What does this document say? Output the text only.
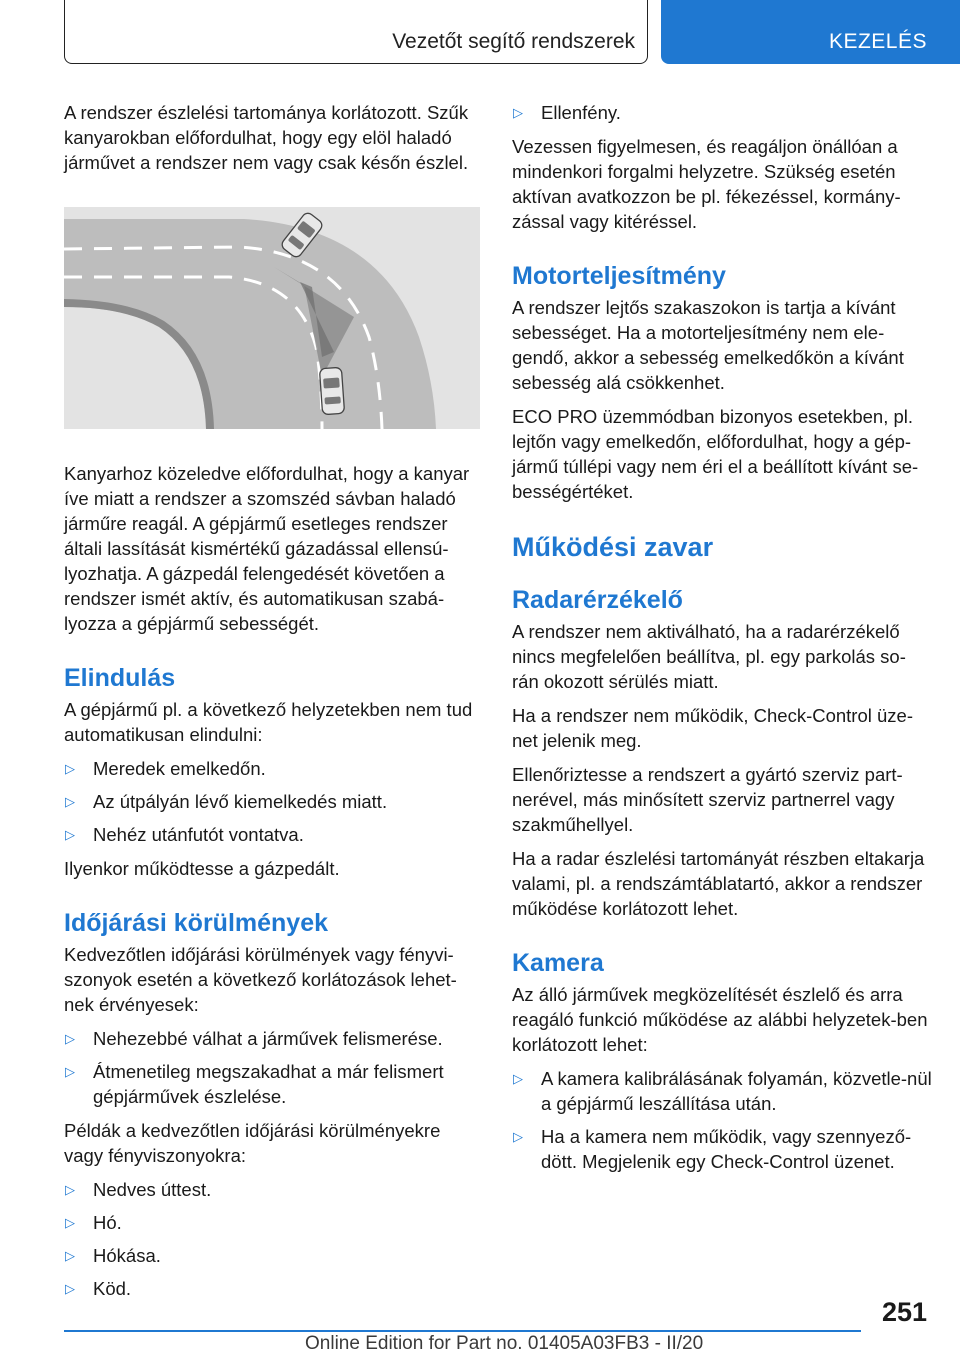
Vezetőt segítő rendszerek	KEZELÉS

A rendszer észlelési tartománya korlátozott. Szűk kanyarokban előfordulhat, hogy egy elöl haladó járművet a rendszer nem vagy csak későn észlel.

Kanyarhoz közeledve előfordulhat, hogy a kanyar íve miatt a rendszer a szomszéd sávban haladó járműre reagál. A gépjármű esetleges rendszer általi lassítását kismértékű gázadással ellensú-lyozhatja. A gázpedál felengedését követően a rendszer ismét aktív, és automatikusan szabá-lyozza a gépjármű sebességét.

Elindulás

A gépjármű pl. a következő helyzetekben nem tud automatikusan elindulni:

▷ Meredek emelkedőn.
▷ Az útpályán lévő kiemelkedés miatt.
▷ Nehéz utánfutót vontatva.

Ilyenkor működtesse a gázpedált.

Időjárási körülmények

Kedvezőtlen időjárási körülmények vagy fényvi-szonyok esetén a következő korlátozások lehet-nek érvényesek:

▷ Nehezebbé válhat a járművek felismerése.
▷ Átmenetileg megszakadhat a már felismert gépjárművek észlelése.

Példák a kedvezőtlen időjárási körülményekre vagy fényviszonyokra:

▷ Nedves úttest.
▷ Hó.
▷ Hókása.
▷ Köd.
▷ Ellenfény.

Vezessen figyelmesen, és reagáljon önállóan a mindenkori forgalmi helyzetre. Szükség esetén aktívan avatkozzon be pl. fékezéssel, kormány-zással vagy kitéréssel.

Motorteljesítmény

A rendszer lejtős szakaszokon is tartja a kívánt sebességet. Ha a motorteljesítmény nem ele-gendő, akkor a sebesség emelkedőkön a kívánt sebesség alá csökkenhet.

ECO PRO üzemmódban bizonyos esetekben, pl. lejtőn vagy emelkedőn, előfordulhat, hogy a gép-jármű túllépi vagy nem éri el a beállított kívánt se-bességértéket.

Működési zavar
Radarérzékelő

A rendszer nem aktiválható, ha a radarérzékelő nincs megfelelően beállítva, pl. egy parkolás so-rán okozott sérülés miatt.

Ha a rendszer nem működik, Check-Control üze-net jelenik meg.

Ellenőriztesse a rendszert a gyártó szerviz part-nerével, más minősített szerviz partnerrel vagy szakműhellyel.

Ha a radar észlelési tartományát részben eltakarja valami, pl. a rendszámtáblatartó, akkor a rendszer működése korlátozott lehet.

Kamera

Az álló járművek megközelítését észlelő és arra reagáló funkció működése az alábbi helyzetek-ben korlátozott lehet:

▷ A kamera kalibrálásának folyamán, közvetle-nül a gépjármű leszállítása után.
▷ Ha a kamera nem működik, vagy szennyező-dött. Megjelenik egy Check-Control üzenet.
251
Online Edition for Part no. 01405A03FB3 - II/20
